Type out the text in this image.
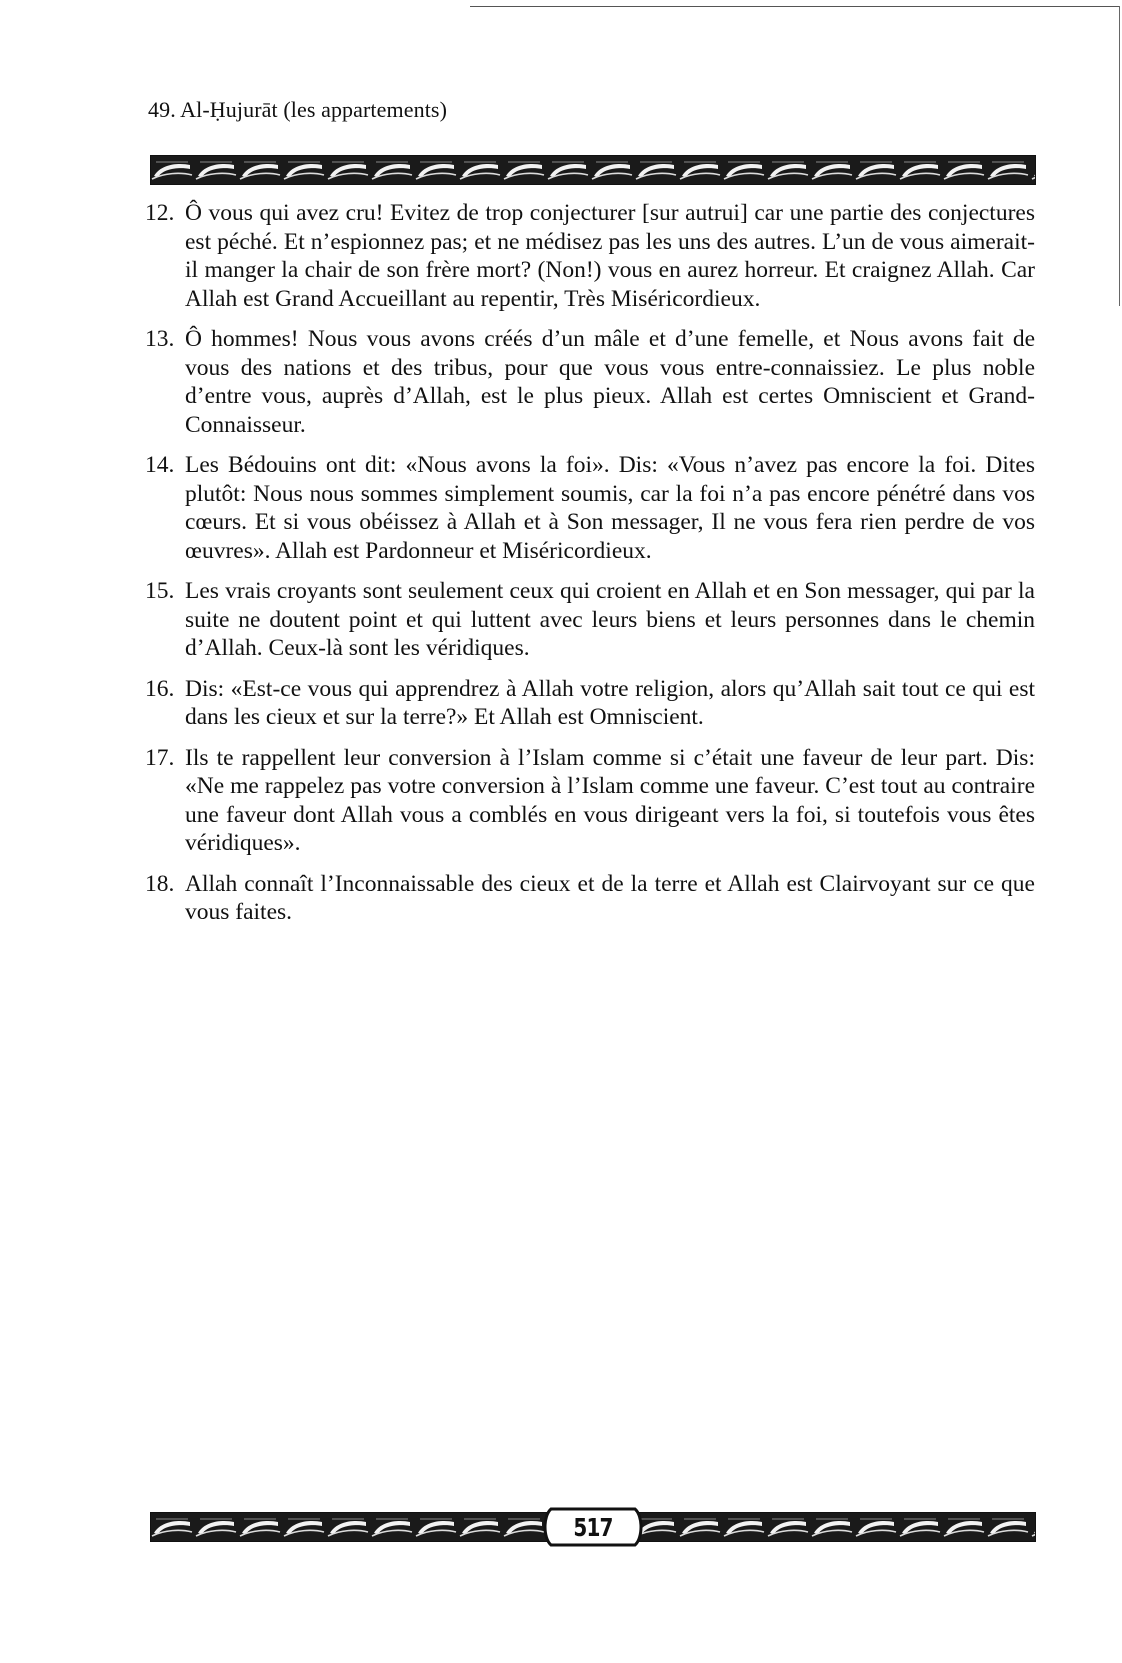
49. Al-Ḥujurāt (les appartements)
12. Ô vous qui avez cru! Evitez de trop conjecturer [sur autrui] car une partie des conjectures est péché. Et n’espionnez pas; et ne médisez pas les uns des autres. L’un de vous aimerait-il manger la chair de son frère mort? (Non!) vous en aurez horreur. Et craignez Allah. Car Allah est Grand Accueillant au repentir, Très Miséricordieux.
13. Ô hommes! Nous vous avons créés d’un mâle et d’une femelle, et Nous avons fait de vous des nations et des tribus, pour que vous vous entre-connaissiez. Le plus noble d’entre vous, auprès d’Allah, est le plus pieux. Allah est certes Omniscient et Grand-Connaisseur.
14. Les Bédouins ont dit: «Nous avons la foi». Dis: «Vous n’avez pas encore la foi. Dites plutôt: Nous nous sommes simplement soumis, car la foi n’a pas encore pénétré dans vos cœurs. Et si vous obéissez à Allah et à Son messager, Il ne vous fera rien perdre de vos œuvres». Allah est Pardonneur et Miséricordieux.
15. Les vrais croyants sont seulement ceux qui croient en Allah et en Son messager, qui par la suite ne doutent point et qui luttent avec leurs biens et leurs personnes dans le chemin d’Allah. Ceux-là sont les véridiques.
16. Dis: «Est-ce vous qui apprendrez à Allah votre religion, alors qu’Allah sait tout ce qui est dans les cieux et sur la terre?» Et Allah est Omniscient.
17. Ils te rappellent leur conversion à l’Islam comme si c’était une faveur de leur part. Dis: «Ne me rappelez pas votre conversion à l’Islam comme une faveur. C’est tout au contraire une faveur dont Allah vous a comblés en vous dirigeant vers la foi, si toutefois vous êtes véridiques».
18. Allah connaît l’Inconnaissable des cieux et de la terre et Allah est Clairvoyant sur ce que vous faites.
517
